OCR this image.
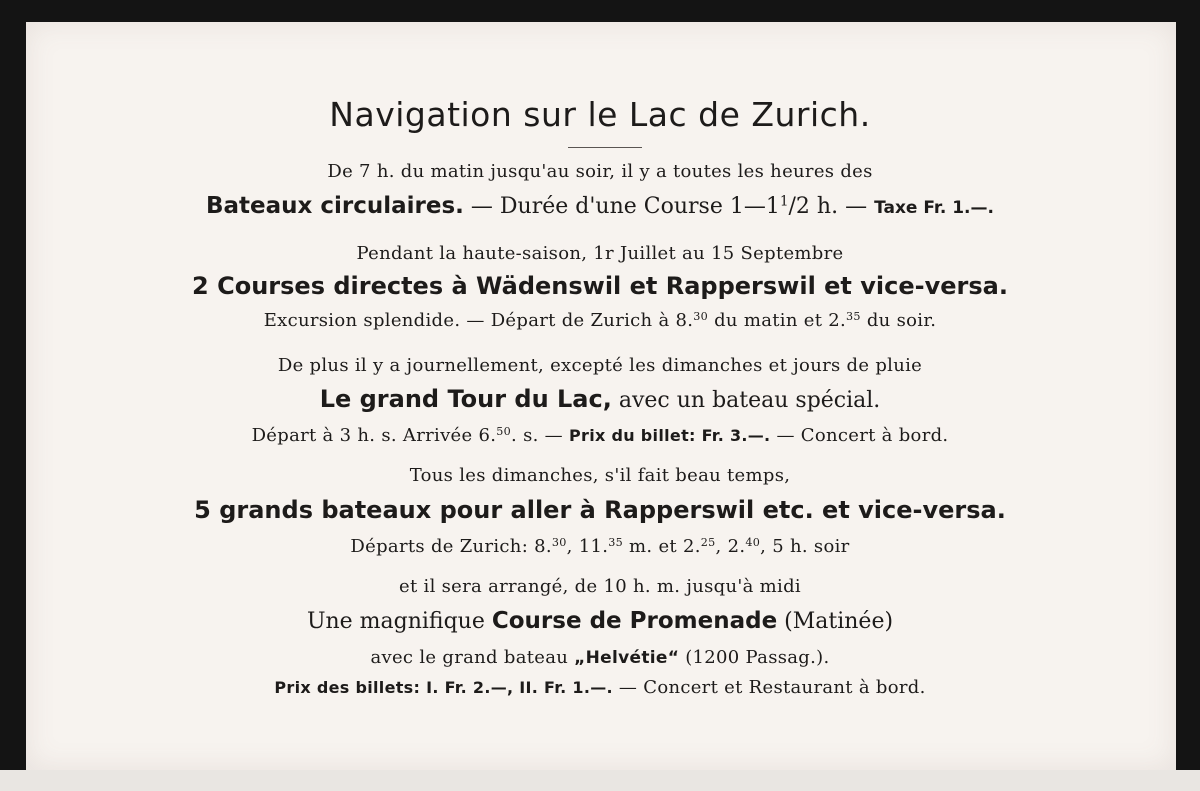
Navigation sur le Lac de Zurich.
De 7 h. du matin jusqu'au soir, il y a toutes les heures des
Bateaux circulaires. — Durée d'une Course $1—1^1/2$ h. — Taxe Fr. 1.—.
Pendant la haute-saison, 1r Juillet au 15 Septembre
2 Courses directes à Wädenswil et Rapperswil et vice-versa.
Excursion splendide. — Départ de Zurich à 8.30 du matin et 2.35 du soir.
De plus il y a journellement, excepté les dimanches et jours de pluie
Le grand Tour du Lac, avec un bateau spécial.
Départ à 3 h. s. Arrivée 6.50. s. — Prix du billet: Fr. 3.—. — Concert à bord.
Tous les dimanches, s'il fait beau temps,
5 grands bateaux pour aller à Rapperswil etc. et vice-versa.
Départs de Zurich: 8.30, 11.35 m. et 2.25, 2.40, 5 h. soir
et il sera arrangé, de 10 h. m. jusqu'à midi
Une magnifique Course de Promenade (Matinée)
avec le grand bateau „Helvétie“ (1200 Passag.).
Prix des billets: I. Fr. 2.—, II. Fr. 1.—. — Concert et Restaurant à bord.
